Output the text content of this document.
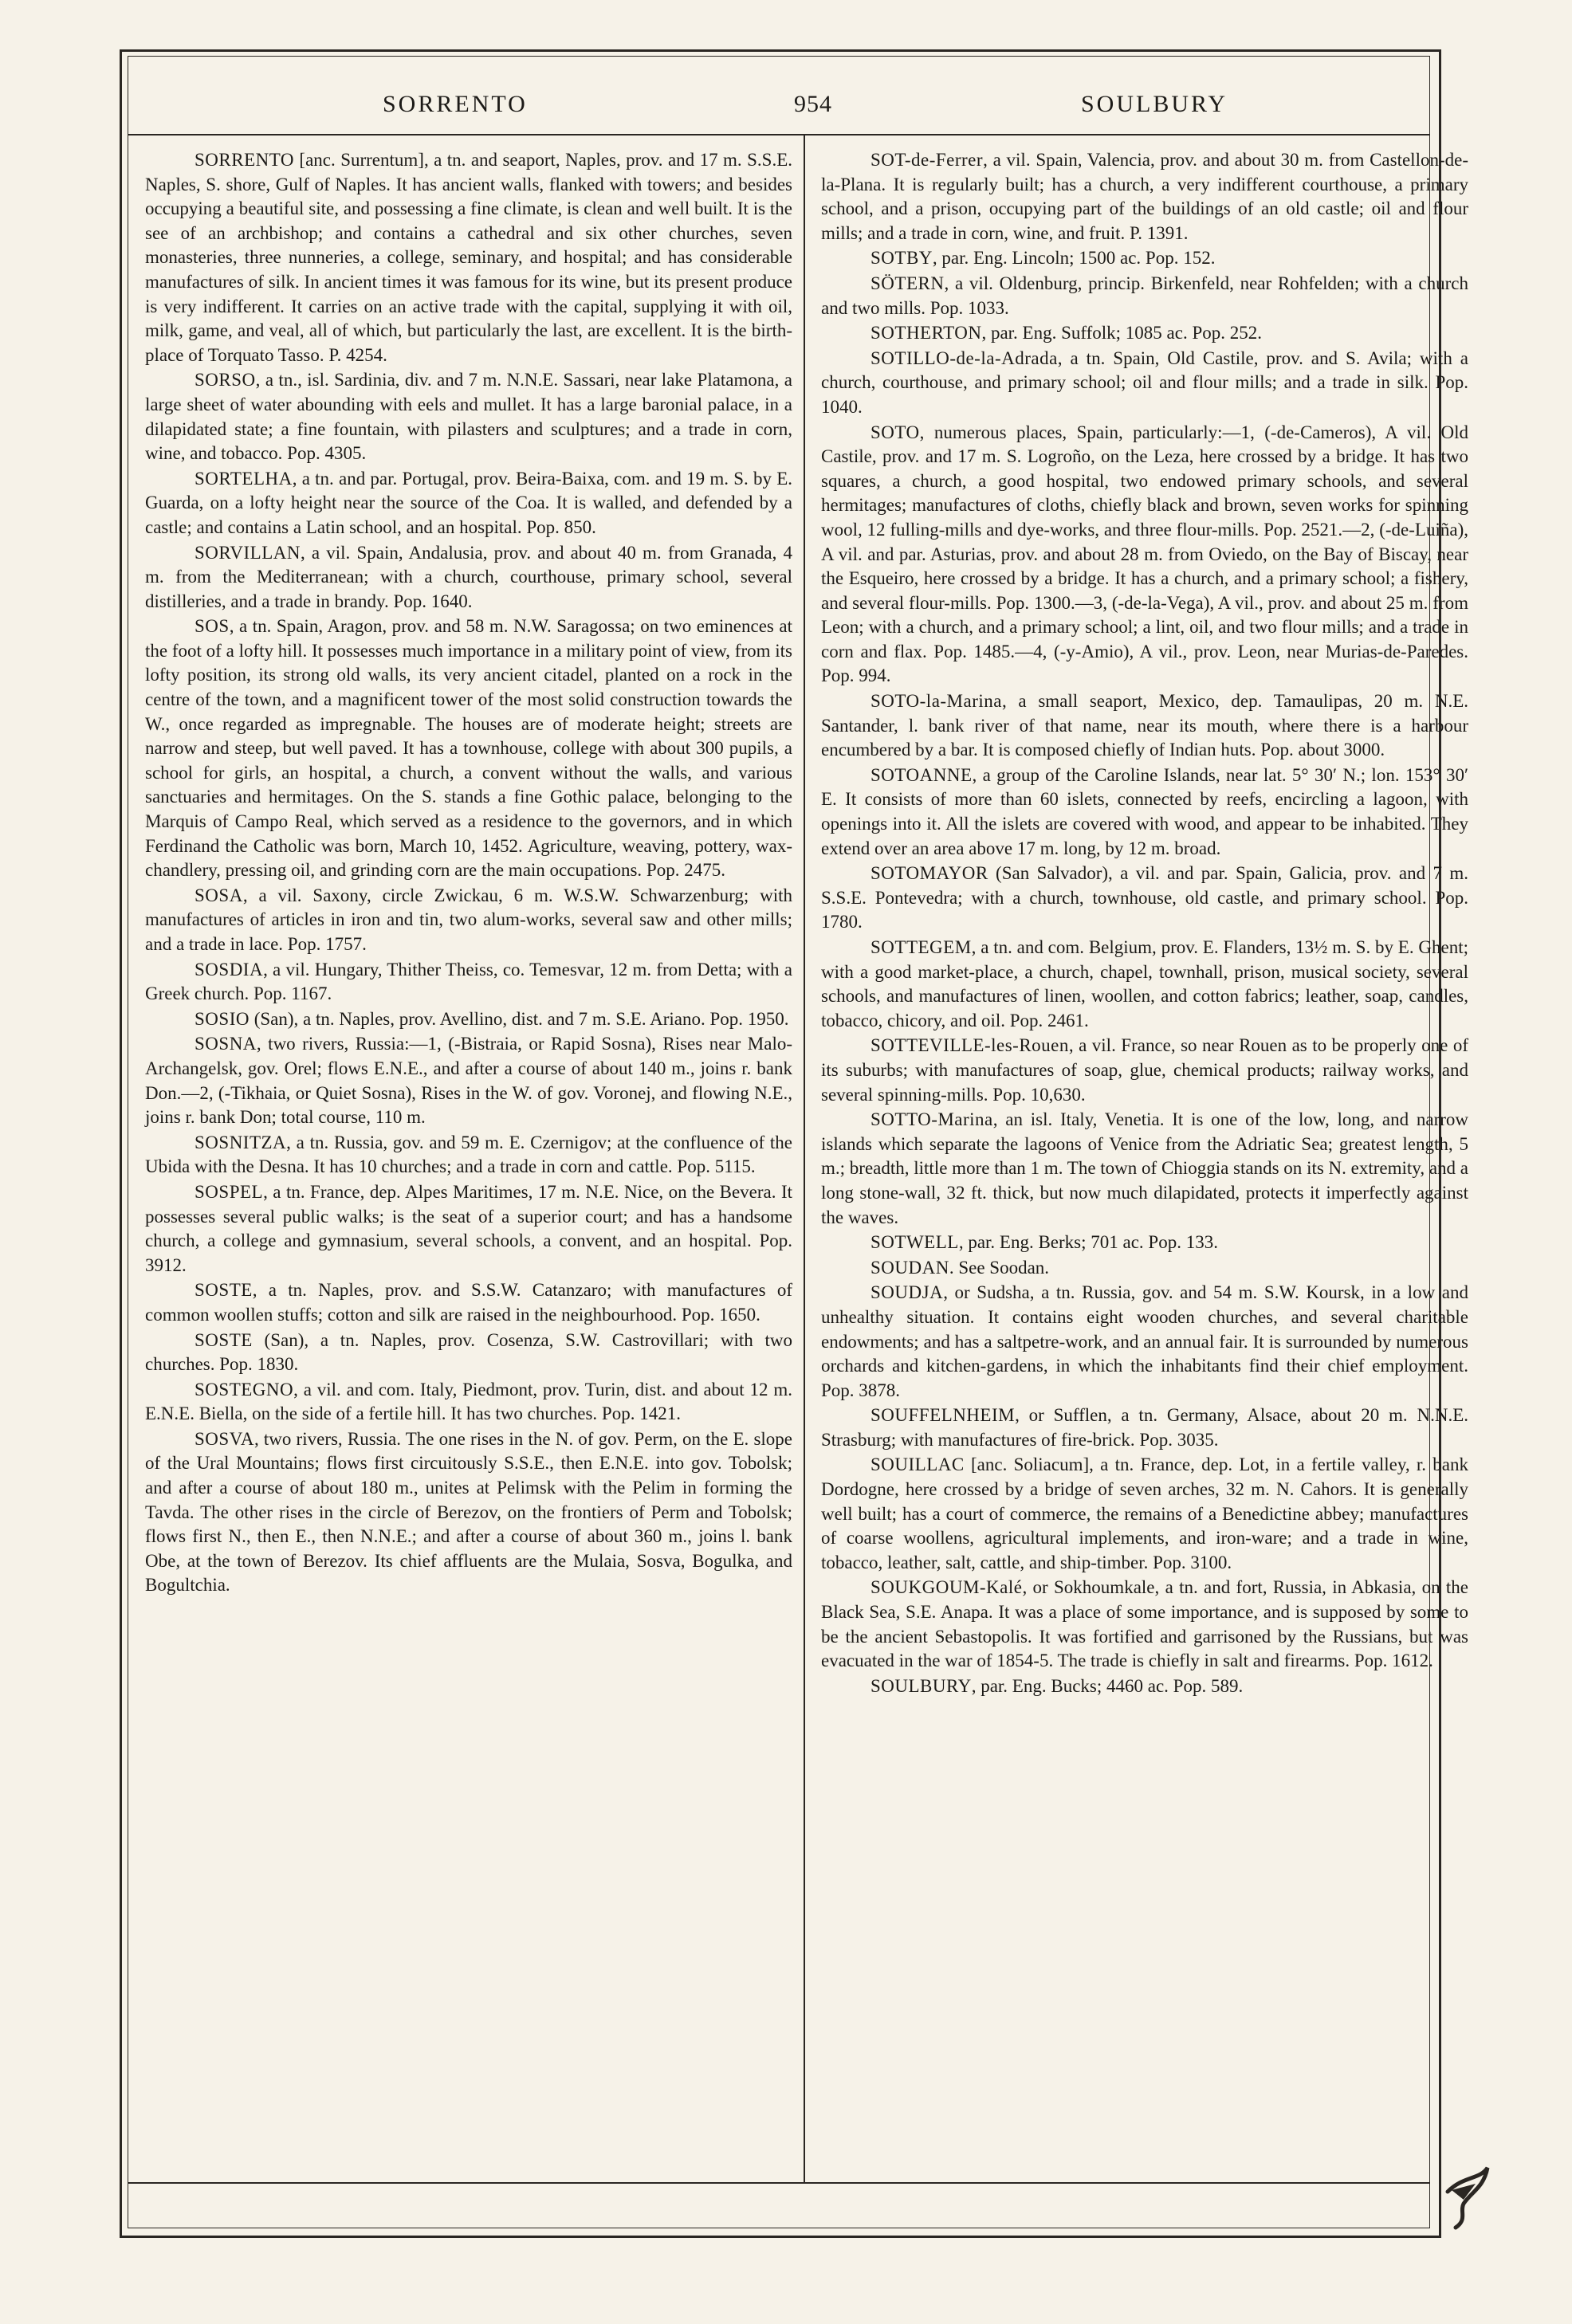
SORRENTO	954	SOULBURY

SORRENTO [anc. Surrentum], a tn. and seaport, Naples, prov. and 17 m. S.S.E. Naples, S. shore, Gulf of Naples. It has ancient walls, flanked with towers; and besides occupying a beautiful site, and possessing a fine climate, is clean and well built. It is the see of an archbishop; and contains a cathedral and six other churches, seven monasteries, three nunneries, a college, seminary, and hospital; and has considerable manufactures of silk. In ancient times it was famous for its wine, but its present produce is very indifferent. It carries on an active trade with the capital, supplying it with oil, milk, game, and veal, all of which, but particularly the last, are excellent. It is the birth-place of Torquato Tasso. P. 4254.

SORSO, a tn., isl. Sardinia, div. and 7 m. N.N.E. Sassari, near lake Platamona, a large sheet of water abounding with eels and mullet. It has a large baronial palace, in a dilapidated state; a fine fountain, with pilasters and sculptures; and a trade in corn, wine, and tobacco. Pop. 4305.

SORTELHA, a tn. and par. Portugal, prov. Beira-Baixa, com. and 19 m. S. by E. Guarda, on a lofty height near the source of the Coa. It is walled, and defended by a castle; and contains a Latin school, and an hospital. Pop. 850.

SORVILLAN, a vil. Spain, Andalusia, prov. and about 40 m. from Granada, 4 m. from the Mediterranean; with a church, courthouse, primary school, several distilleries, and a trade in brandy. Pop. 1640.

SOS, a tn. Spain, Aragon, prov. and 58 m. N.W. Saragossa; on two eminences at the foot of a lofty hill. It possesses much importance in a military point of view, from its lofty position, its strong old walls, its very ancient citadel, planted on a rock in the centre of the town, and a magnificent tower of the most solid construction towards the W., once regarded as impregnable. The houses are of moderate height; streets are narrow and steep, but well paved. It has a townhouse, college with about 300 pupils, a school for girls, an hospital, a church, a convent without the walls, and various sanctuaries and hermitages. On the S. stands a fine Gothic palace, belonging to the Marquis of Campo Real, which served as a residence to the governors, and in which Ferdinand the Catholic was born, March 10, 1452. Agriculture, weaving, pottery, wax-chandlery, pressing oil, and grinding corn are the main occupations. Pop. 2475.

SOSA, a vil. Saxony, circle Zwickau, 6 m. W.S.W. Schwarzenburg; with manufactures of articles in iron and tin, two alum-works, several saw and other mills; and a trade in lace. Pop. 1757.

SOSDIA, a vil. Hungary, Thither Theiss, co. Temesvar, 12 m. from Detta; with a Greek church. Pop. 1167.

SOSIO (San), a tn. Naples, prov. Avellino, dist. and 7 m. S.E. Ariano. Pop. 1950.

SOSNA, two rivers, Russia:—1, (-Bistraia, or Rapid Sosna), Rises near Malo-Archangelsk, gov. Orel; flows E.N.E., and after a course of about 140 m., joins r. bank Don.—2, (-Tikhaia, or Quiet Sosna), Rises in the W. of gov. Voronej, and flowing N.E., joins r. bank Don; total course, 110 m.

SOSNITZA, a tn. Russia, gov. and 59 m. E. Czernigov; at the confluence of the Ubida with the Desna. It has 10 churches; and a trade in corn and cattle. Pop. 5115.

SOSPEL, a tn. France, dep. Alpes Maritimes, 17 m. N.E. Nice, on the Bevera. It possesses several public walks; is the seat of a superior court; and has a handsome church, a college and gymnasium, several schools, a convent, and an hospital. Pop. 3912.

SOSTE, a tn. Naples, prov. and S.S.W. Catanzaro; with manufactures of common woollen stuffs; cotton and silk are raised in the neighbourhood. Pop. 1650.

SOSTE (San), a tn. Naples, prov. Cosenza, S.W. Castrovillari; with two churches. Pop. 1830.

SOSTEGNO, a vil. and com. Italy, Piedmont, prov. Turin, dist. and about 12 m. E.N.E. Biella, on the side of a fertile hill. It has two churches. Pop. 1421.

SOSVA, two rivers, Russia. The one rises in the N. of gov. Perm, on the E. slope of the Ural Mountains; flows first circuitously S.S.E., then E.N.E. into gov. Tobolsk; and after a course of about 180 m., unites at Pelimsk with the Pelim in forming the Tavda. The other rises in the circle of Berezov, on the frontiers of Perm and Tobolsk; flows first N., then E., then N.N.E.; and after a course of about 360 m., joins l. bank Obe, at the town of Berezov. Its chief affluents are the Mulaia, Sosva, Bogulka, and Bogultchia.

SOT-de-Ferrer, a vil. Spain, Valencia, prov. and about 30 m. from Castellon-de-la-Plana. It is regularly built; has a church, a very indifferent courthouse, a primary school, and a prison, occupying part of the buildings of an old castle; oil and flour mills; and a trade in corn, wine, and fruit. P. 1391.

SOTBY, par. Eng. Lincoln; 1500 ac. Pop. 152.

SÖTERN, a vil. Oldenburg, princip. Birkenfeld, near Rohfelden; with a church and two mills. Pop. 1033.

SOTHERTON, par. Eng. Suffolk; 1085 ac. Pop. 252.

SOTILLO-de-la-Adrada, a tn. Spain, Old Castile, prov. and S. Avila; with a church, courthouse, and primary school; oil and flour mills; and a trade in silk. Pop. 1040.

SOTO, numerous places, Spain, particularly:—1, (-de-Cameros), A vil. Old Castile, prov. and 17 m. S. Logroño, on the Leza, here crossed by a bridge. It has two squares, a church, a good hospital, two endowed primary schools, and several hermitages; manufactures of cloths, chiefly black and brown, seven works for spinning wool, 12 fulling-mills and dye-works, and three flour-mills. Pop. 2521.—2, (-de-Luiña), A vil. and par. Asturias, prov. and about 28 m. from Oviedo, on the Bay of Biscay, near the Esqueiro, here crossed by a bridge. It has a church, and a primary school; a fishery, and several flour-mills. Pop. 1300.—3, (-de-la-Vega), A vil., prov. and about 25 m. from Leon; with a church, and a primary school; a lint, oil, and two flour mills; and a trade in corn and flax. Pop. 1485.—4, (-y-Amio), A vil., prov. Leon, near Murias-de-Paredes. Pop. 994.

SOTO-la-Marina, a small seaport, Mexico, dep. Tamaulipas, 20 m. N.E. Santander, l. bank river of that name, near its mouth, where there is a harbour encumbered by a bar. It is composed chiefly of Indian huts. Pop. about 3000.

SOTOANNE, a group of the Caroline Islands, near lat. 5° 30′ N.; lon. 153° 30′ E. It consists of more than 60 islets, connected by reefs, encircling a lagoon, with openings into it. All the islets are covered with wood, and appear to be inhabited. They extend over an area above 17 m. long, by 12 m. broad.

SOTOMAYOR (San Salvador), a vil. and par. Spain, Galicia, prov. and 7 m. S.S.E. Pontevedra; with a church, townhouse, old castle, and primary school. Pop. 1780.

SOTTEGEM, a tn. and com. Belgium, prov. E. Flanders, 13½ m. S. by E. Ghent; with a good market-place, a church, chapel, townhall, prison, musical society, several schools, and manufactures of linen, woollen, and cotton fabrics; leather, soap, candles, tobacco, chicory, and oil. Pop. 2461.

SOTTEVILLE-les-Rouen, a vil. France, so near Rouen as to be properly one of its suburbs; with manufactures of soap, glue, chemical products; railway works, and several spinning-mills. Pop. 10,630.

SOTTO-Marina, an isl. Italy, Venetia. It is one of the low, long, and narrow islands which separate the lagoons of Venice from the Adriatic Sea; greatest length, 5 m.; breadth, little more than 1 m. The town of Chioggia stands on its N. extremity, and a long stone-wall, 32 ft. thick, but now much dilapidated, protects it imperfectly against the waves.

SOTWELL, par. Eng. Berks; 701 ac. Pop. 133.

SOUDAN. See Soodan.

SOUDJA, or Sudsha, a tn. Russia, gov. and 54 m. S.W. Koursk, in a low and unhealthy situation. It contains eight wooden churches, and several charitable endowments; and has a saltpetre-work, and an annual fair. It is surrounded by numerous orchards and kitchen-gardens, in which the inhabitants find their chief employment. Pop. 3878.

SOUFFELNHEIM, or Sufflen, a tn. Germany, Alsace, about 20 m. N.N.E. Strasburg; with manufactures of fire-brick. Pop. 3035.

SOUILLAC [anc. Soliacum], a tn. France, dep. Lot, in a fertile valley, r. bank Dordogne, here crossed by a bridge of seven arches, 32 m. N. Cahors. It is generally well built; has a court of commerce, the remains of a Benedictine abbey; manufactures of coarse woollens, agricultural implements, and iron-ware; and a trade in wine, tobacco, leather, salt, cattle, and ship-timber. Pop. 3100.

SOUKGOUM-Kalé, or Sokhoumkale, a tn. and fort, Russia, in Abkasia, on the Black Sea, S.E. Anapa. It was a place of some importance, and is supposed by some to be the ancient Sebastopolis. It was fortified and garrisoned by the Russians, but was evacuated in the war of 1854-5. The trade is chiefly in salt and firearms. Pop. 1612.

SOULBURY, par. Eng. Bucks; 4460 ac. Pop. 589.
